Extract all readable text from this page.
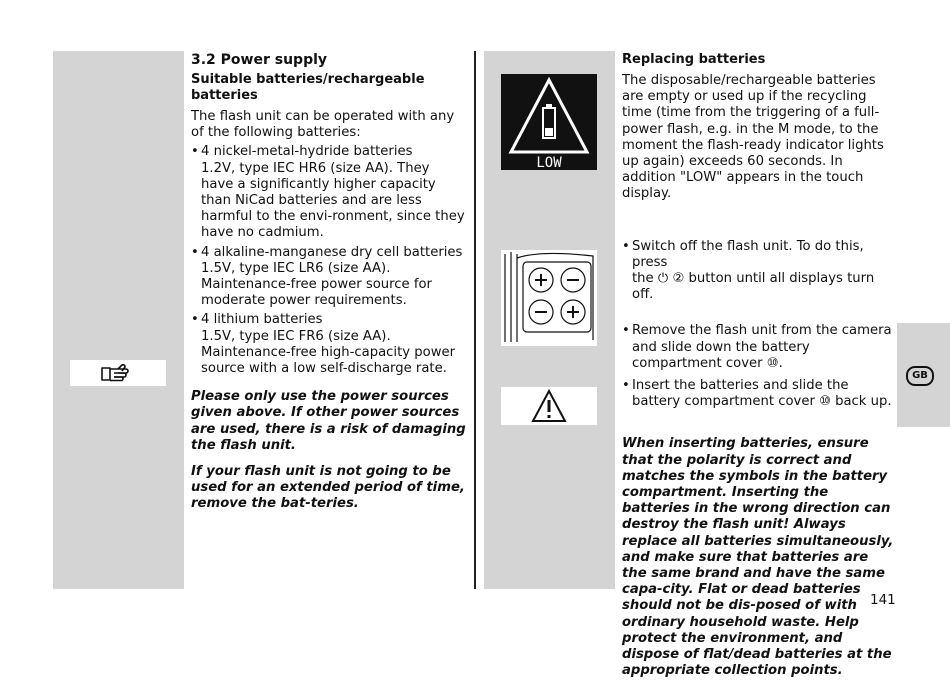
GB
LOW
3.2 Power supply
Suitable batteries/rechargeable batteries

The flash unit can be operated with any of the following batteries:

• 4 nickel-metal-hydride batteries
1.2V, type IEC HR6 (size AA). They have a significantly higher capacity than NiCad batteries and are less harmful to the envi-ronment, since they have no cadmium.
• 4 alkaline-manganese dry cell batteries
1.5V, type IEC LR6 (size AA). Maintenance-free power source for moderate power requirements.
• 4 lithium batteries
1.5V, type IEC FR6 (size AA). Maintenance-free high-capacity power source with a low self-discharge rate.

Please only use the power sources given above. If other power sources are used, there is a risk of damaging the flash unit.

If your flash unit is not going to be used for an extended period of time, remove the bat-teries.

Replacing batteries

The disposable/rechargeable batteries are empty or used up if the recycling time (time from the triggering of a full-power flash, e.g. in the M mode, to the moment the flash-ready indicator lights up again) exceeds 60 seconds. In addition "LOW" appears in the touch display.

• Switch off the flash unit. To do this, press
the ⏻ ② button until all displays turn off.
• Remove the flash unit from the camera and slide down the battery compartment cover ⑩.
• Insert the batteries and slide the battery compartment cover ⑩ back up.

When inserting batteries, ensure that the polarity is correct and matches the symbols in the battery compartment. Inserting the batteries in the wrong direction can destroy the flash unit! Always replace all batteries simultaneously, and make sure that batteries are the same brand and have the same capa-city. Flat or dead batteries should not be dis-posed of with ordinary household waste. Help protect the environment, and dispose of flat/dead batteries at the appropriate collection points.

141
